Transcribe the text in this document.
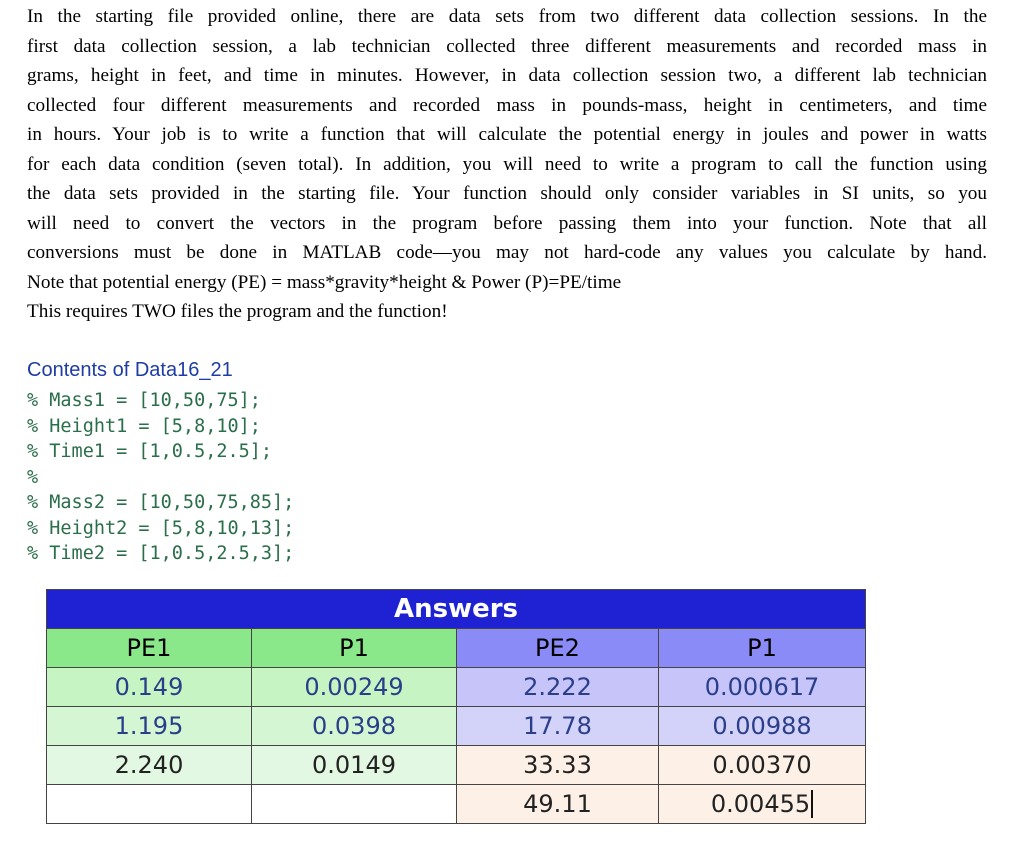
In the starting file provided online, there are data sets from two different data collection sessions. In the
first data collection session, a lab technician collected three different measurements and recorded mass in
grams, height in feet, and time in minutes. However, in data collection session two, a different lab technician
collected four different measurements and recorded mass in pounds-mass, height in centimeters, and time
in hours. Your job is to write a function that will calculate the potential energy in joules and power in watts
for each data condition (seven total). In addition, you will need to write a program to call the function using
the data sets provided in the starting file. Your function should only consider variables in SI units, so you
will need to convert the vectors in the program before passing them into your function. Note that all
conversions must be done in MATLAB code—you may not hard-code any values you calculate by hand.
Note that potential energy (PE) = mass*gravity*height & Power (P)=PE/time
This requires TWO files the program and the function!
Contents of Data16_21
% Mass1 = [10,50,75];
% Height1 = [5,8,10];
% Time1 = [1,0.5,2.5];
%
% Mass2 = [10,50,75,85];
% Height2 = [5,8,10,13];
% Time2 = [1,0.5,2.5,3];
Answers			
PE1	P1	PE2	P1
0.149	0.00249	2.222	0.000617
1.195	0.0398	17.78	0.00988
2.240	0.0149	33.33	0.00370
		49.11	0.00455
